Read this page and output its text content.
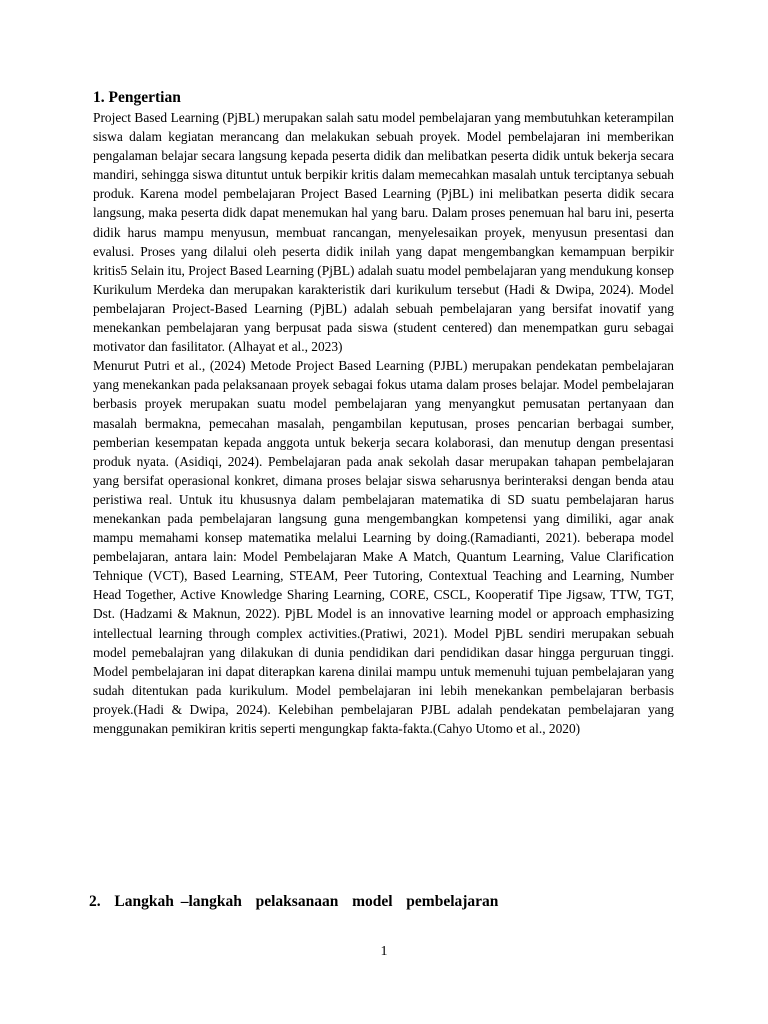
1. Pengertian

Project Based Learning (PjBL) merupakan salah satu model pembelajaran yang membutuhkan keterampilan siswa dalam kegiatan merancang dan melakukan sebuah proyek. Model pembelajaran ini memberikan pengalaman belajar secara langsung kepada peserta didik dan melibatkan peserta didik untuk bekerja secara mandiri, sehingga siswa dituntut untuk berpikir kritis dalam memecahkan masalah untuk terciptanya sebuah produk. Karena model pembelajaran Project Based Learning (PjBL) ini melibatkan peserta didik secara langsung, maka peserta didk dapat menemukan hal yang baru. Dalam proses penemuan hal baru ini, peserta didik harus mampu menyusun, membuat rancangan, menyelesaikan proyek, menyusun presentasi dan evalusi. Proses yang dilalui oleh peserta didik inilah yang dapat mengembangkan kemampuan berpikir kritis5 Selain itu, Project Based Learning (PjBL) adalah suatu model pembelajaran yang mendukung konsep Kurikulum Merdeka dan merupakan karakteristik dari kurikulum tersebut (Hadi & Dwipa, 2024). Model pembelajaran Project-Based Learning (PjBL) adalah sebuah pembelajaran yang bersifat inovatif yang menekankan pembelajaran yang berpusat pada siswa (student centered) dan menempatkan guru sebagai motivator dan fasilitator. (Alhayat et al., 2023)

Menurut Putri et al., (2024) Metode Project Based Learning (PJBL) merupakan pendekatan pembelajaran yang menekankan pada pelaksanaan proyek sebagai fokus utama dalam proses belajar. Model pembelajaran berbasis proyek merupakan suatu model pembelajaran yang menyangkut pemusatan pertanyaan dan masalah bermakna, pemecahan masalah, pengambilan keputusan, proses pencarian berbagai sumber, pemberian kesempatan kepada anggota untuk bekerja secara kolaborasi, dan menutup dengan presentasi produk nyata. (Asidiqi, 2024). Pembelajaran pada anak sekolah dasar merupakan tahapan pembelajaran yang bersifat operasional konkret, dimana proses belajar siswa seharusnya berinteraksi dengan benda atau peristiwa real. Untuk itu khususnya dalam pembelajaran matematika di SD suatu pembelajaran harus menekankan pada pembelajaran langsung guna mengembangkan kompetensi yang dimiliki, agar anak mampu memahami konsep matematika melalui Learning by doing.(Ramadianti, 2021). beberapa model pembelajaran, antara lain: Model Pembelajaran Make A Match, Quantum Learning, Value Clarification Tehnique (VCT), Based Learning, STEAM, Peer Tutoring, Contextual Teaching and Learning, Number Head Together, Active Knowledge Sharing Learning, CORE, CSCL, Kooperatif Tipe Jigsaw, TTW, TGT, Dst. (Hadzami & Maknun, 2022). PjBL Model is an innovative learning model or approach emphasizing intellectual learning through complex activities.(Pratiwi, 2021). Model PjBL sendiri merupakan sebuah model pemebalajran yang dilakukan di dunia pendidikan dari pendidikan dasar hingga perguruan tinggi. Model pembelajaran ini dapat diterapkan karena dinilai mampu untuk memenuhi tujuan pembelajaran yang sudah ditentukan pada kurikulum. Model pembelajaran ini lebih menekankan pembelajaran berbasis proyek.(Hadi & Dwipa, 2024). Kelebihan pembelajaran PJBL adalah pendekatan pembelajaran yang menggunakan pemikiran kritis seperti mengungkap fakta-fakta.(Cahyo Utomo et al., 2020)

2.  Langkah –langkah  pelaksanaan  model  pembelajaran
1
